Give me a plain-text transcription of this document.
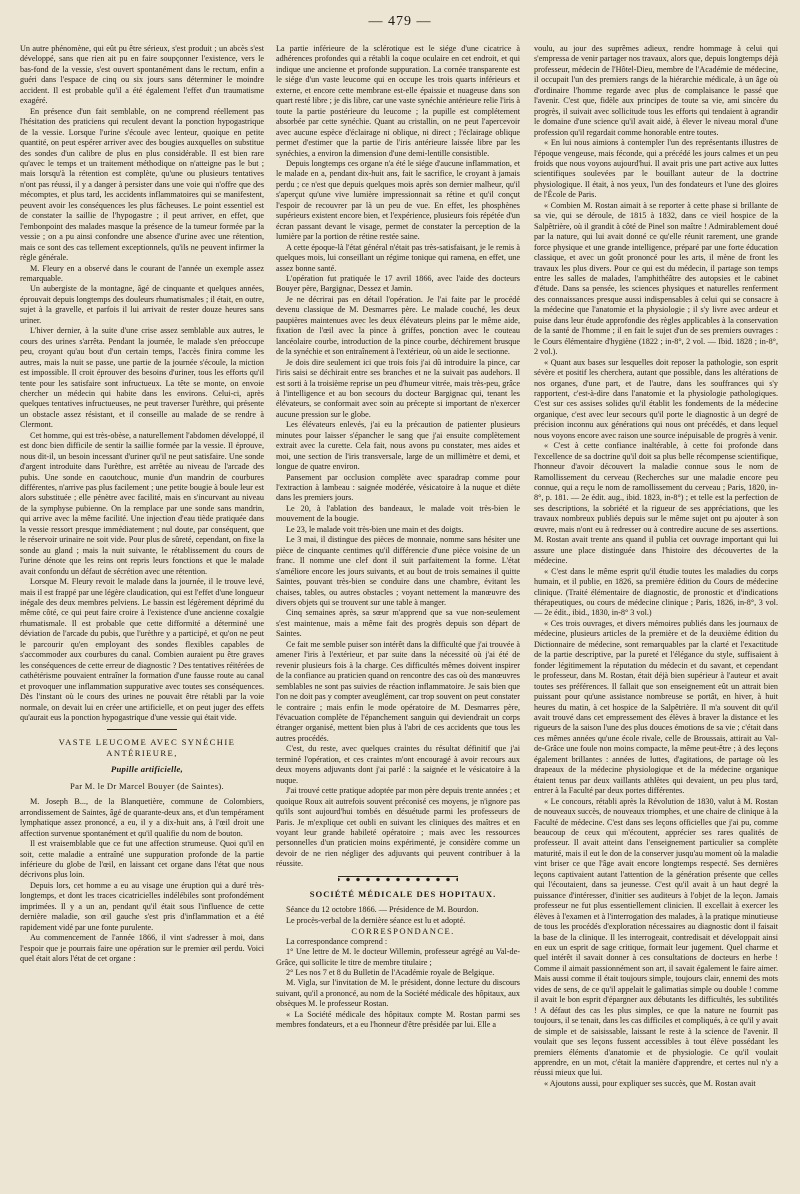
— 479 —

Un autre phénomène, qui eût pu être sérieux, s'est produit ; un abcès s'est développé, sans que rien ait pu en faire soupçonner l'existence, vers le bas-fond de la vessie, s'est ouvert spontanément dans le rectum, enfin a guéri dans l'espace de cinq ou six jours sans déterminer le moindre accident. Il est probable qu'il a été également l'effet d'un traumatisme exagéré.

En présence d'un fait semblable, on ne comprend réellement pas l'hésitation des praticiens qui reculent devant la ponction hypogastrique de la vessie. Lorsque l'urine s'écoule avec lenteur, quoique en petite quantité, on peut espérer arriver avec des bougies auxquelles on substitue des sondes d'un calibre de plus en plus considérable. Il est bien rare qu'avec le temps et un traitement méthodique on n'atteigne pas le but ; mais lorsqu'à la rétention est complète, qu'une ou plusieurs tentatives n'ont pas réussi, il y a danger à persister dans une voie qui n'offre que des mécomptes, et plus tard, les accidents inflammatoires qui se manifestent, peuvent avoir les conséquences les plus fâcheuses. Le point essentiel est de constater la saillie de l'hypogastre ; il peut arriver, en effet, que l'embonpoint des malades masque la présence de la tumeur formée par la vessie ; on a pu ainsi confondre une absence d'urine avec une rétention, mais ce sont des cas tellement exceptionnels, qu'ils ne peuvent infirmer la règle générale.

M. Fleury en a observé dans le courant de l'année un exemple assez remarquable.

Un aubergiste de la montagne, âgé de cinquante et quelques années, éprouvait depuis longtemps des douleurs rhumatismales ; il était, en outre, sujet à la gravelle, et parfois il lui arrivait de rester douze heures sans uriner.

L'hiver dernier, à la suite d'une crise assez semblable aux autres, le cours des urines s'arrêta. Pendant la journée, le malade s'en préoccupe peu, croyant qu'au bout d'un certain temps, l'accès finira comme les autres, mais la nuit se passe, une partie de la journée s'écoule, la miction est impossible. Il croit éprouver des besoins d'uriner, tous les efforts qu'il tente pour les satisfaire sont infructueux. La tête se monte, on envoie chercher un médecin qui habite dans les environs. Celui-ci, après quelques tentatives infructueuses, ne peut traverser l'urèthre, qui présente un obstacle assez résistant, et il conseille au malade de se rendre à Clermont.

Cet homme, qui est très-obèse, a naturellement l'abdomen développé, il est donc bien difficile de sentir la saillie formée par la vessie. Il éprouve, nous dit-il, un besoin incessant d'uriner qu'il ne peut satisfaire. Une sonde d'argent introduite dans l'urèthre, est arrêtée au niveau de l'arcade des pubis. Une sonde en caoutchouc, munie d'un mandrin de courbures différentes, n'arrive pas plus facilement ; une petite bougie à boule leur est alors substituée ; elle pénètre avec facilité, mais en s'incurvant au niveau de la symphyse pubienne. On la remplace par une sonde sans mandrin, qui arrive avec la même facilité. Une injection d'eau tiède pratiquée dans la vessie ressort presque immédiatement ; nul doute, par conséquent, que le réservoir urinaire ne soit vide. Pour plus de sûreté, cependant, on fixe la sonde au gland ; mais la nuit suivante, le rétablissement du cours de l'urine dénote que les reins ont repris leurs fonctions et que le malade avait confondu un défaut de sécrétion avec une rétention.

Lorsque M. Fleury revoit le malade dans la journée, il le trouve levé, mais il est frappé par une légère claudication, qui est l'effet d'une longueur inégale des deux membres pelviens. Le bassin est légèrement déprimé du même côté, ce qui peut faire croire à l'existence d'une ancienne coxalgie rhumatismale. Il est probable que cette difformité a déterminé une déviation de l'arcade du pubis, que l'urèthre y a participé, et qu'on ne peut le parcourir qu'en employant des sondes flexibles capables de s'accommoder aux courbures du canal. Combien auraient pu être graves les conséquences de cette erreur de diagnostic ? Des tentatives réitérées de cathétérisme pouvaient entraîner la formation d'une fausse route au canal et provoquer une inflammation suppurative avec toutes ses conséquences. Dès l'instant où le cours des urines ne pouvait être rétabli par la voie normale, on devait lui en créer une artificielle, et on peut juger des effets qu'aurait eus la ponction hypogastrique d'une vessie qui était vide.

VASTE LEUCOME AVEC SYNÉCHIE ANTÉRIEURE,

Pupille artificielle,

Par M. le Dr Marcel Bouyer (de Saintes).

M. Joseph B..., de la Blanquetière, commune de Colombiers, arrondissement de Saintes, âgé de quarante-deux ans, et d'un tempérament lymphatique assez prononcé, a eu, il y a dix-huit ans, à l'œil droit une affection survenue spontanément et qu'il qualifie du nom de bouton.

Il est vraisemblable que ce fut une affection strumeuse. Quoi qu'il en soit, cette maladie a entraîné une suppuration profonde de la partie inférieure du globe de l'œil, en laissant cet organe dans l'état que nous décrivons plus loin.

Depuis lors, cet homme a eu au visage une éruption qui a duré très-longtemps, et dont les traces cicatricielles indélébiles sont profondément imprimées. Il y a un an, pendant qu'il était sous l'influence de cette dernière maladie, son œil gauche s'est pris d'inflammation et a été rapidement vidé par une fonte purulente.

Au commencement de l'année 1866, il vint s'adresser à moi, dans l'espoir que je pourrais faire une opération sur le premier œil perdu. Voici quel était alors l'état de cet organe :

La partie inférieure de la sclérotique est le siége d'une cicatrice à adhérences profondes qui a rétabli la coque oculaire en cet endroit, et qui indique une ancienne et profonde suppuration. La cornée transparente est le siége d'un vaste leucome qui en occupe les trois quarts inférieurs et externe, et encore cette membrane est-elle épaissie et nuageuse dans son quart resté libre ; je dis libre, car une vaste synéchie antérieure relie l'iris à toute la partie postérieure du leucome ; la pupille est complétement absorbée par cette synéchie. Quant au cristallin, on ne peut l'apercevoir avec aucune espèce d'éclairage ni oblique, ni direct ; l'éclairage oblique permet d'estimer que la partie de l'iris antérieure laissée libre par les synéchies, a environ la dimension d'une demi-lentille consistible.

Depuis longtemps ces organe n'a été le siége d'aucune inflammation, et le malade en a, pendant dix-huit ans, fait le sacrifice, le croyant à jamais perdu ; ce n'est que depuis quelques mois après son dernier malheur, qu'il s'aperçut qu'une vive lumière impressionnait sa rétine et qu'il conçut l'espoir de recouvrer par là un peu de vue. En effet, les phosphènes supérieurs existent encore bien, et l'expérience, plusieurs fois répétée d'un écran passant devant le visage, permet de constater la perception de la lumière par la portion de rétine restée saine.

A cette époque-là l'état général n'était pas très-satisfaisant, je le remis à quelques mois, lui conseillant un régime tonique qui ramena, en effet, une assez bonne santé.

L'opération fut pratiquée le 17 avril 1866, avec l'aide des docteurs Bouyer père, Bargignac, Dessez et Jamin.

Je ne décrirai pas en détail l'opération. Je l'ai faite par le procédé devenu classique de M. Desmarres père. Le malade couché, les deux paupières maintenues avec les deux élévateurs pleins par le même aide, fixation de l'œil avec la pince à griffes, ponction avec le couteau lancéolaire courbe, introduction de la pince courbe, déchirement brusque de la synéchie et son entraînement à l'extérieur, où un aide le sectionne.

Je dois dire seulement ici que trois fois j'ai dû introduire la pince, car l'iris saisi se déchirait entre ses branches et ne la suivait pas audehors. Il est sorti à la troisième reprise un peu d'humeur vitrée, mais très-peu, grâce à l'intelligence et au bon secours du docteur Bargignac qui, tenant les élévateurs, se conformait avec soin au précepte si important de n'exercer aucune pression sur le globe.

Les élévateurs enlevés, j'ai eu la précaution de patienter plusieurs minutes pour laisser s'épancher le sang que j'ai ensuite complètement extrait avec la curette. Cela fait, nous avons pu constater, mes aides et moi, une section de l'iris transversale, large de un millimètre et demi, et longue de quatre environ.

Pansement par occlusion complète avec sparadrap comme pour l'extraction à lambeau : saignée modérée, vésicatoire à la nuque et diète dans les premiers jours.

Le 20, à l'ablation des bandeaux, le malade voit très-bien le mouvement de la bougie.

Le 23, le malade voit très-bien une main et des doigts.

Le 3 mai, il distingue des pièces de monnaie, nomme sans hésiter une pièce de cinquante centimes qu'il différencie d'une pièce voisine de un franc. Il nomme une clef dont il suit parfaitement la forme. L'état s'améliore encore les jours suivants, et au bout de trois semaines il quitte Saintes, pouvant très-bien se conduire dans une chambre, évitant les chaises, tables, ou autres obstacles ; voyant nettement la manœuvre des divers objets qui se trouvent sur une table à manger.

Cinq semaines après, sa sœur m'apprend que sa vue non-seulement s'est maintenue, mais a même fait des progrès depuis son départ de Saintes.

Ce fait me semble puiser son intérêt dans la difficulté que j'ai trouvée à amener l'iris à l'extérieur, et par suite dans la nécessité où j'ai été de revenir plusieurs fois à la charge. Ces difficultés mêmes doivent inspirer de la confiance au praticien quand on rencontre des cas où des manœuvres semblables ne sont pas suivies de réaction inflammatoire. Je sais bien que l'on ne doit pas y compter aveuglément, car trop souvent on peut constater le contraire ; mais enfin le mode opératoire de M. Desmarres père, l'évacuation complète de l'épanchement sanguin qui deviendrait un corps étranger organisé, mettent bien plus à l'abri de ces accidents que tous les autres procédés.

C'est, du reste, avec quelques craintes du résultat définitif que j'ai terminé l'opération, et ces craintes m'ont encouragé à avoir recours aux deux moyens adjuvants dont j'ai parlé : la saignée et le vésicatoire à la nuque.

J'ai trouvé cette pratique adoptée par mon père depuis trente années ; et quoique Roux ait autrefois souvent préconisé ces moyens, je n'ignore pas qu'ils sont aujourd'hui tombés en désuétude parmi les professeurs de Paris. Je m'explique cet oubli en suivant les cliniques des maîtres et en voyant leur grande habileté opératoire ; mais avec les ressources personnelles d'un praticien moins expérimenté, je considère comme un devoir de ne rien négliger des adjuvants qui peuvent contribuer à la réussite.

SOCIÉTÉ MÉDICALE DES HOPITAUX.

Séance du 12 octobre 1866. — Présidence de M. Bourdon.

Le procès-verbal de la dernière séance est lu et adopté.

CORRESPONDANCE.

La correspondance comprend :

1° Une lettre de M. le docteur Willemin, professeur agrégé au Val-de-Grâce, qui sollicite le titre de membre titulaire ;

2° Les nos 7 et 8 du Bulletin de l'Académie royale de Belgique.

M. Vigla, sur l'invitation de M. le président, donne lecture du discours suivant, qu'il a prononcé, au nom de la Société médicale des hôpitaux, aux obsèques M. le professeur Rostan.

« La Société médicale des hôpitaux compte M. Rostan parmi ses membres fondateurs, et a eu l'honneur d'être présidée par lui. Elle a

voulu, au jour des suprêmes adieux, rendre hommage à celui qui s'empressa de venir partager nos travaux, alors que, depuis longtemps déjà professeur, médecin de l'Hôtel-Dieu, membre de l'Académie de médecine, il occupait l'un des premiers rangs de la hiérarchie médicale, à un âge où d'ordinaire l'homme regarde avec plus de complaisance le passé que l'avenir. C'est que, fidèle aux principes de toute sa vie, ami sincère du progrès, il suivait avec sollicitude tous les efforts qui tendaient à agrandir le domaine d'une science qu'il avait aidé, à élever le niveau moral d'une profession qu'il regardait comme honorable entre toutes.

« En lui nous aimions à contempler l'un des représentants illustres de l'époque vengeuse, mais féconde, qui a précédé les jours calmes et un peu froids que nous voyons aujourd'hui. Il avait pris une part active aux luttes scientifiques soulevées par le bouillant auteur de la doctrine physiologique. Il était, à nos yeux, l'un des fondateurs et l'une des gloires de l'École de Paris.

« Combien M. Rostan aimait à se reporter à cette phase si brillante de sa vie, qui se déroule, de 1815 à 1832, dans ce vieil hospice de la Salpêtrière, où il grandit à côté de Pinel son maître ! Admirablement doué par la nature, qui lui avait donné ce qu'elle réunit rarement, une grande force physique et une grande intelligence, préparé par une forte éducation classique, et avec un goût prononcé pour les arts, il mène de front les travaux les plus divers. Pour ce qui est du médecin, il partage son temps entre les salles de malades, l'amphithéâtre des autopsies et le cabinet d'étude. Dans sa pensée, les sciences physiques et naturelles renferment des connaissances presque aussi indispensables à celui qui se consacre à la médecine que l'anatomie et la physiologie ; il s'y livre avec ardeur et puise dans leur étude approfondie des règles applicables à la conservation de la santé de l'homme ; il en fait le sujet d'un de ses premiers ouvrages : le Cours élémentaire d'hygiène (1822 ; in-8°, 2 vol. — Ibid. 1828 ; in-8°, 2 vol.).

« Quant aux bases sur lesquelles doit reposer la pathologie, son esprit sévère et positif les cherchera, autant que possible, dans les altérations de nos organes, d'une part, et de l'autre, dans les souffrances qui s'y rapportent, c'est-à-dire dans l'anatomie et la physiologie pathologiques. C'est sur ces assises solides qu'il établit les fondements de la médecine organique, c'est avec leur secours qu'il porte le diagnostic à un degré de précision inconnu aux générations qui nous ont précédés, et dans lequel nous voyons encore avec raison une source inépuisable de progrès à venir.

« C'est à cette confiance inaltérable, à cette foi profonde dans l'excellence de sa doctrine qu'il doit sa plus belle récompense scientifique, l'honneur d'avoir découvert la maladie connue sous le nom de Ramollissement du cerveau (Recherches sur une maladie encore peu connue, qui a reçu le nom de ramollissement du cerveau ; Paris, 1820, in-8°, p. 181. — 2e édit. aug., ibid. 1823, in-8°) ; et telle est la perfection de ses descriptions, la sobriété et la rigueur de ses appréciations, que les travaux nombreux publiés depuis sur le même sujet ont pu ajouter à son œuvre, mais n'ont eu à redresser ou à contredire aucune de ses assertions. M. Rostan avait trente ans quand il publia cet ouvrage important qui lui assure une place distinguée dans l'histoire des découvertes de la médecine.

« C'est dans le même esprit qu'il étudie toutes les maladies du corps humain, et il publie, en 1826, sa première édition du Cours de médecine clinique. (Traité élémentaire de diagnostic, de pronostic et d'indications thérapeutiques, ou cours de médecine clinique ; Paris, 1826, in-8°, 3 vol. — 2e édit., ibid., 1830, in-8° 3 vol.)

« Ces trois ouvrages, et divers mémoires publiés dans les journaux de médecine, plusieurs articles de la première et de la deuxième édition du Dictionnaire de médecine, sont remarquables par la clarté et l'exactitude de la partie descriptive, par la pureté et l'élégance du style, suffisaient à fonder légitimement la réputation du médecin et du savant, et cependant le professeur, dans M. Rostan, était déjà bien supérieur à l'auteur et avait toutes ses préférences. Il fallait que son enseignement eût un attrait bien puissant pour qu'une assistance nombreuse se portât, en hiver, à huit heures du matin, à cet hospice de la Salpêtrière. Il m'a souvent dit qu'il avait trouvé dans cet empressement des élèves à braver la distance et les rigueurs de la saison l'une des plus douces émotions de sa vie ; c'était dans ces mêmes années qu'une école rivale, celle de Broussais, attirait au Val-de-Grâce une foule non moins compacte, la même peut-être ; à des leçons également brillantes : années de luttes, d'agitations, de partage où les drapeaux de la médecine physiologique et de la médecine organique étaient tenus par deux vaillants athlètes qui devaient, un peu plus tard, entrer à la Faculté par deux portes différentes.

« Le concours, rétabli après la Révolution de 1830, valut à M. Rostan de nouveaux succès, de nouveaux triomphes, et une chaire de clinique à la Faculté de médecine. C'est dans ses leçons officielles que j'ai pu, comme beaucoup de ceux qui m'écoutent, apprécier ses rares qualités de professeur. Il avait atteint dans l'enseignement particulier sa complète maturité, mais il eut le don de la conserver jusqu'au moment où la maladie vint briser ce que l'âge avait encore longtemps respecté. Ses dernières leçons captivaient autant l'attention de la génération présente que celles qui l'écoutaient, dans sa jeunesse. C'est qu'il avait à un haut degré la puissance d'intéresser, d'initier ses auditeurs à l'objet de la leçon. Jamais professeur ne fut plus essentiellement clinicien. Il excellait à exercer les élèves à l'examen et à l'interrogation des malades, à la pratique minutieuse de tous les procédés d'exploration nécessaires au diagnostic dont il faisait la base de la clinique. Il les interrogeait, contredisait et développait ainsi en eux un esprit de sage critique, formait leur jugement. Quel charme et quel intérêt il savait donner à ces consultations de docteurs en herbe ! Comme il aimait passionnément son art, il savait également le faire aimer. Mais aussi comme il était toujours simple, toujours clair, ennemi des mots vides de sens, de ce qu'il appelait le galimatias simple ou double ! comme il avait le bon esprit d'épargner aux débutants les difficultés, les subtilités ! A défaut des cas les plus simples, ce que la nature ne fournit pas toujours, il se tenait, dans les cas difficiles et compliqués, à ce qu'il y avait de simple et de saisissable, laissant le reste à la science de l'avenir. Il voulait que ses leçons fussent accessibles à tout élève possédant les premiers éléments d'anatomie et de physiologie. Ce qu'il voulait apprendre, en un mot, c'était la manière d'apprendre, et certes nul n'y a réussi mieux que lui.

« Ajoutons aussi, pour expliquer ses succès, que M. Rostan avait
